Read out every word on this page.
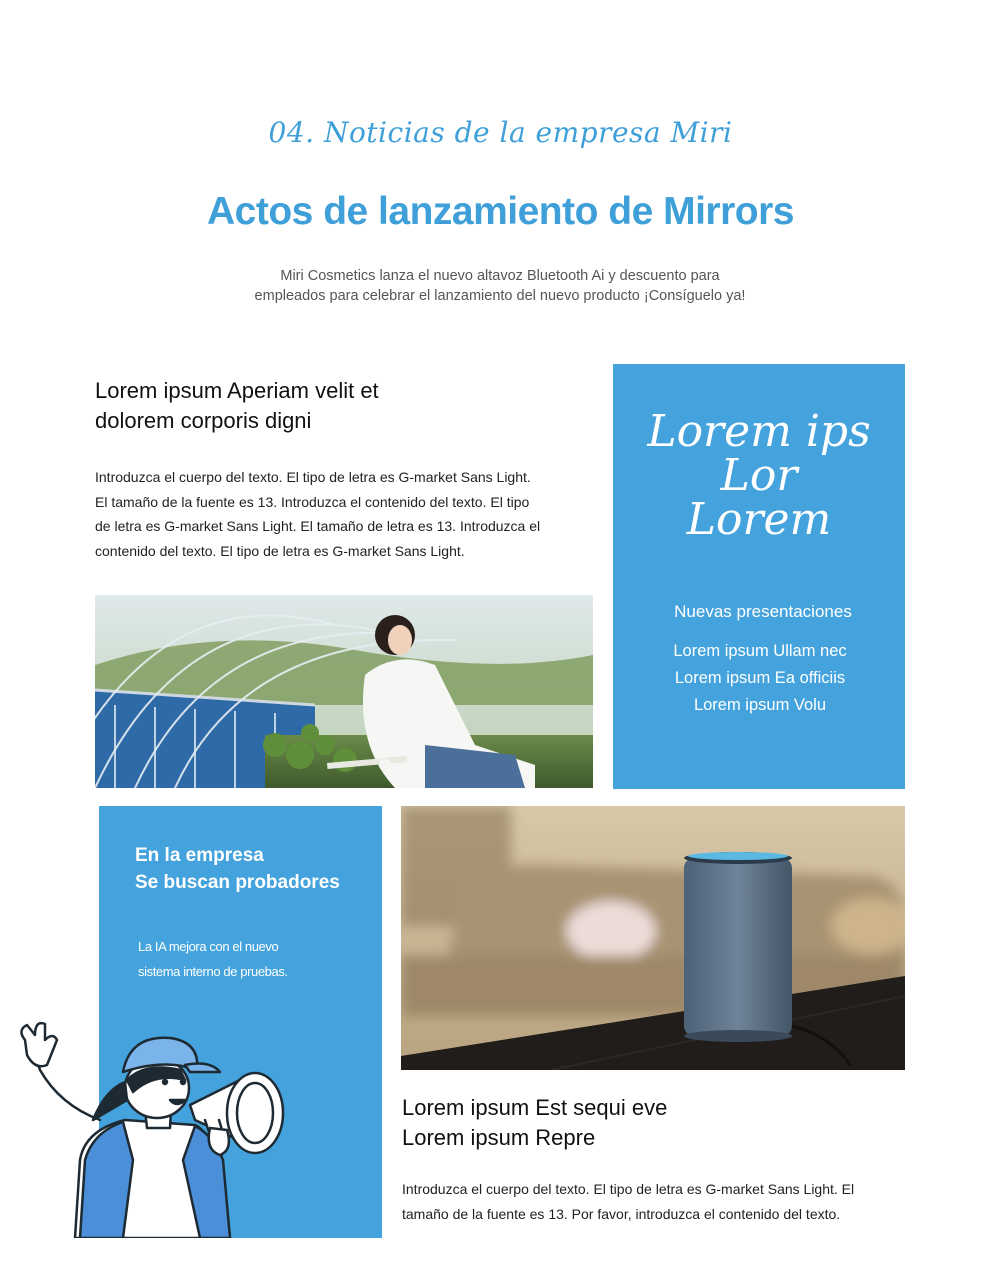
04. Noticias de la empresa Miri
Actos de lanzamiento de Mirrors
Miri Cosmetics lanza el nuevo altavoz Bluetooth Ai y descuento para
empleados para celebrar el lanzamiento del nuevo producto ¡Consíguelo ya!
Lorem ipsum Aperiam velit et
dolorem corporis digni
Introduzca el cuerpo del texto. El tipo de letra es G-market Sans Light.
El tamaño de la fuente es 13. Introduzca el contenido del texto. El tipo
de letra es G-market Sans Light. El tamaño de letra es 13. Introduzca el
contenido del texto. El tipo de letra es G-market Sans Light.
Lorem ips
Lor
Lorem
Nuevas presentaciones
Lorem ipsum Ullam nec
Lorem ipsum Ea officiis
Lorem ipsum Volu
En la empresa
Se buscan probadores
La IA mejora con el nuevo
sistema interno de pruebas.
Lorem ipsum Est sequi eve
Lorem ipsum Repre
Introduzca el cuerpo del texto. El tipo de letra es G-market Sans Light. El
tamaño de la fuente es 13. Por favor, introduzca el contenido del texto.
